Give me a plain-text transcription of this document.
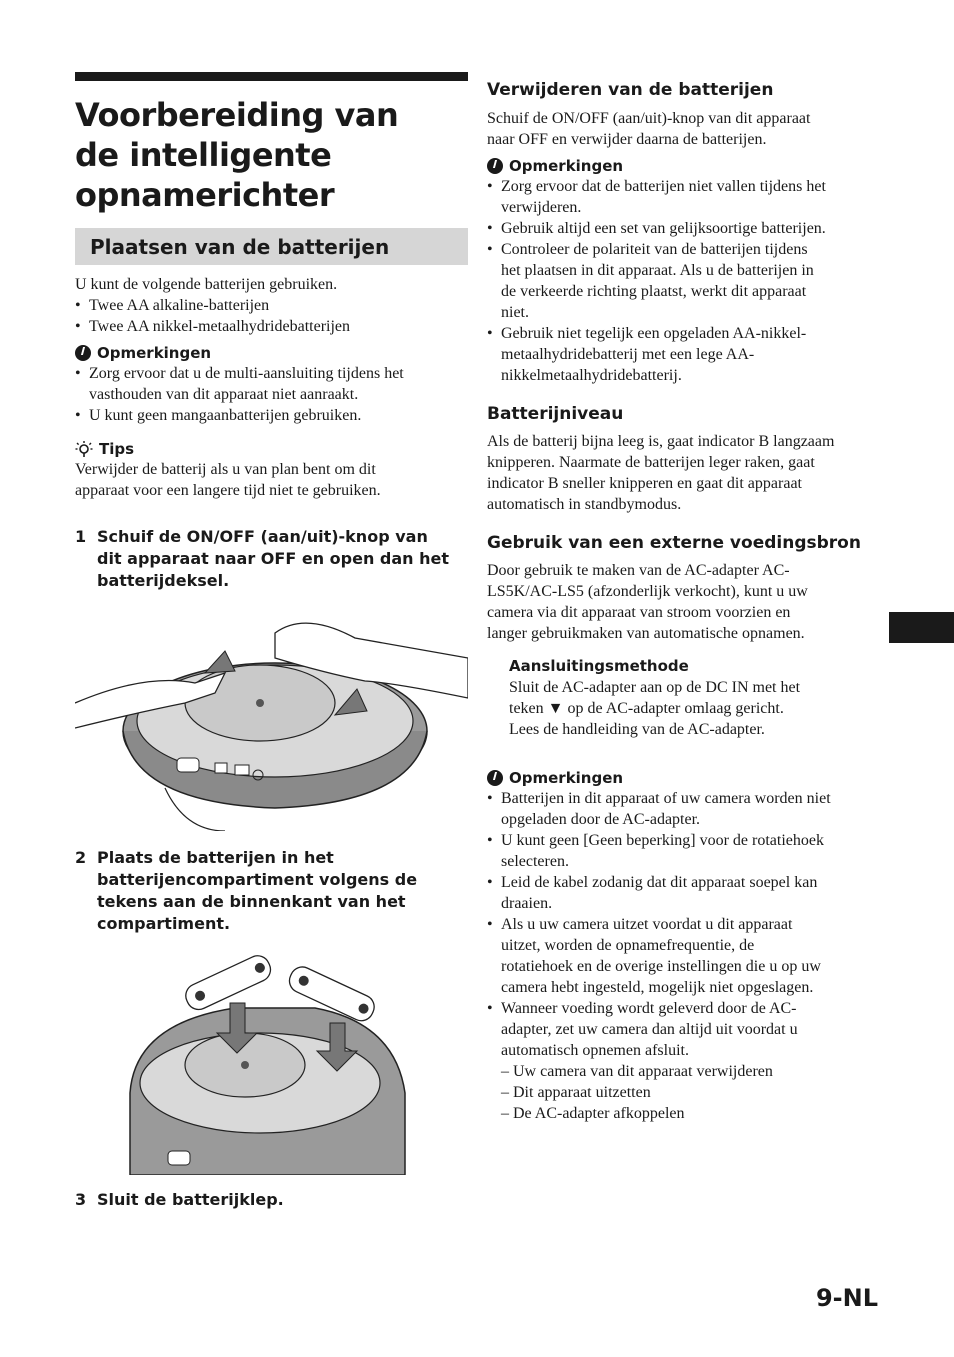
Voorbereiding van
de intelligente
opnamerichter
Plaatsen van de batterijen

U kunt de volgende batterijen gebruiken.

• Twee AA alkaline-batterijen
• Twee AA nikkel-metaalhydridebatterijen
Opmerkingen
• Zorg ervoor dat u de multi-aansluiting tijdens het
vasthouden van dit apparaat niet aanraakt.
• U kunt geen mangaanbatterijen gebruiken.
Tips

Verwijder de batterij als u van plan bent om dit
apparaat voor een langere tijd niet te gebruiken.

1 Schuif de ON/OFF (aan/uit)-knop van
dit apparaat naar OFF en open dan het
batterijdeksel.
2 Plaats de batterijen in het
batterijencompartiment volgens de
tekens aan de binnenkant van het
compartiment.
3 Sluit de batterijklep.
Verwijderen van de batterijen

Schuif de ON/OFF (aan/uit)-knop van dit apparaat
naar OFF en verwijder daarna de batterijen.

Opmerkingen
• Zorg ervoor dat de batterijen niet vallen tijdens het
verwijderen.
• Gebruik altijd een set van gelijksoortige batterijen.
• Controleer de polariteit van de batterijen tijdens
het plaatsen in dit apparaat. Als u de batterijen in
de verkeerde richting plaatst, werkt dit apparaat
niet.
• Gebruik niet tegelijk een opgeladen AA-nikkel-
metaalhydridebatterij met een lege AA-
nikkelmetaalhydridebatterij.
Batterijniveau

Als de batterij bijna leeg is, gaat indicator B langzaam
knipperen. Naarmate de batterijen leger raken, gaat
indicator B sneller knipperen en gaat dit apparaat
automatisch in standbymodus.

Gebruik van een externe voedingsbron

Door gebruik te maken van de AC-adapter AC-
LS5K/AC-LS5 (afzonderlijk verkocht), kunt u uw
camera via dit apparaat van stroom voorzien en
langer gebruikmaken van automatische opnamen.

Aansluitingsmethode

Sluit de AC-adapter aan op de DC IN met het
teken ▼ op de AC-adapter omlaag gericht.
Lees de handleiding van de AC-adapter.

Opmerkingen
• Batterijen in dit apparaat of uw camera worden niet
opgeladen door de AC-adapter.
• U kunt geen [Geen beperking] voor de rotatiehoek
selecteren.
• Leid de kabel zodanig dat dit apparaat soepel kan
draaien.
• Als u uw camera uitzet voordat u dit apparaat
uitzet, worden de opnamefrequentie, de
rotatiehoek en de overige instellingen die u op uw
camera hebt ingesteld, mogelijk niet opgeslagen.
• Wanneer voeding wordt geleverd door de AC-
adapter, zet uw camera dan altijd uit voordat u
automatisch opnemen afsluit.
– Uw camera van dit apparaat verwijderen
– Dit apparaat uitzetten
– De AC-adapter afkoppelen
9-NL
